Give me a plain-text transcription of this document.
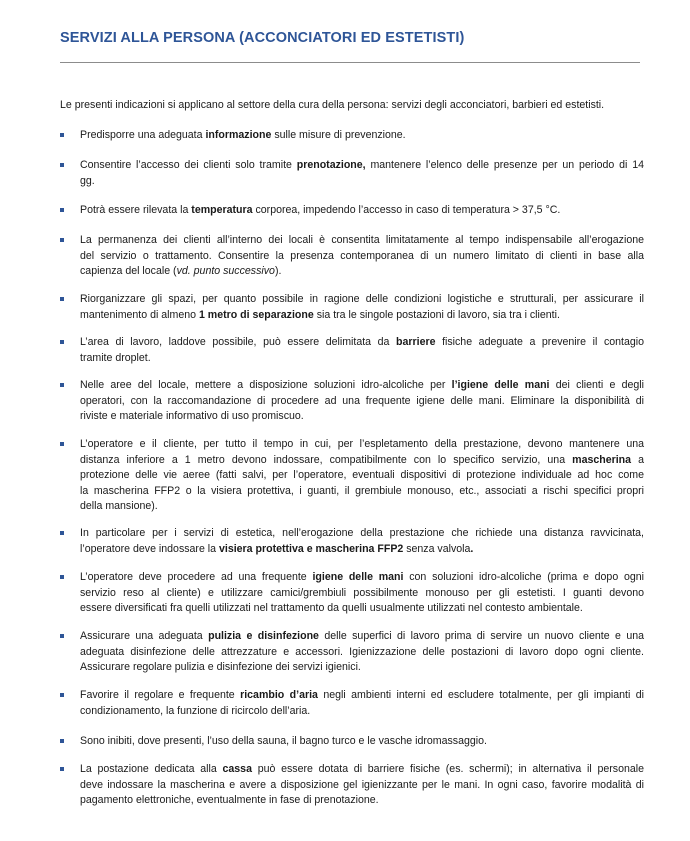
SERVIZI ALLA PERSONA (ACCONCIATORI ED ESTETISTI)
Le presenti indicazioni si applicano al settore della cura della persona: servizi degli acconciatori, barbieri ed estetisti.
Predisporre una adeguata informazione sulle misure di prevenzione.
Consentire l’accesso dei clienti solo tramite prenotazione, mantenere l’elenco delle presenze per un periodo di 14
gg.
Potrà essere rilevata la temperatura corporea, impedendo l’accesso in caso di temperatura > 37,5 °C.
La permanenza dei clienti all’interno dei locali è consentita limitatamente al tempo indispensabile all’erogazione
del servizio o trattamento. Consentire la presenza contemporanea di un numero limitato di clienti in base alla
capienza del locale (vd. punto successivo).
Riorganizzare gli spazi, per quanto possibile in ragione delle condizioni logistiche e strutturali, per assicurare il
mantenimento di almeno 1 metro di separazione sia tra le singole postazioni di lavoro, sia tra i clienti.
L’area di lavoro, laddove possibile, può essere delimitata da barriere fisiche adeguate a prevenire il contagio
tramite droplet.
Nelle aree del locale, mettere a disposizione soluzioni idro-alcoliche per l’igiene delle mani dei clienti e degli
operatori, con la raccomandazione di procedere ad una frequente igiene delle mani. Eliminare la disponibilità di
riviste e materiale informativo di uso promiscuo.
L’operatore e il cliente, per tutto il tempo in cui, per l’espletamento della prestazione, devono mantenere una
distanza inferiore a 1 metro devono indossare, compatibilmente con lo specifico servizio, una mascherina a
protezione delle vie aeree (fatti salvi, per l’operatore, eventuali dispositivi di protezione individuale ad hoc come
la mascherina FFP2 o la visiera protettiva, i guanti, il grembiule monouso, etc., associati a rischi specifici propri
della mansione).
In particolare per i servizi di estetica, nell’erogazione della prestazione che richiede una distanza ravvicinata,
l’operatore deve indossare la visiera protettiva e mascherina FFP2 senza valvola.
L’operatore deve procedere ad una frequente igiene delle mani con soluzioni idro-alcoliche (prima e dopo ogni
servizio reso al cliente) e utilizzare camici/grembiuli possibilmente monouso per gli estetisti. I guanti devono
essere diversificati fra quelli utilizzati nel trattamento da quelli usualmente utilizzati nel contesto ambientale.
Assicurare una adeguata pulizia e disinfezione delle superfici di lavoro prima di servire un nuovo cliente e una
adeguata disinfezione delle attrezzature e accessori. Igienizzazione delle postazioni di lavoro dopo ogni cliente.
Assicurare regolare pulizia e disinfezione dei servizi igienici.
Favorire il regolare e frequente ricambio d’aria negli ambienti interni ed escludere totalmente, per gli impianti di
condizionamento, la funzione di ricircolo dell’aria.
Sono inibiti, dove presenti, l’uso della sauna, il bagno turco e le vasche idromassaggio.
La postazione dedicata alla cassa può essere dotata di barriere fisiche (es. schermi); in alternativa il personale
deve indossare la mascherina e avere a disposizione gel igienizzante per le mani. In ogni caso, favorire modalità di
pagamento elettroniche, eventualmente in fase di prenotazione.
